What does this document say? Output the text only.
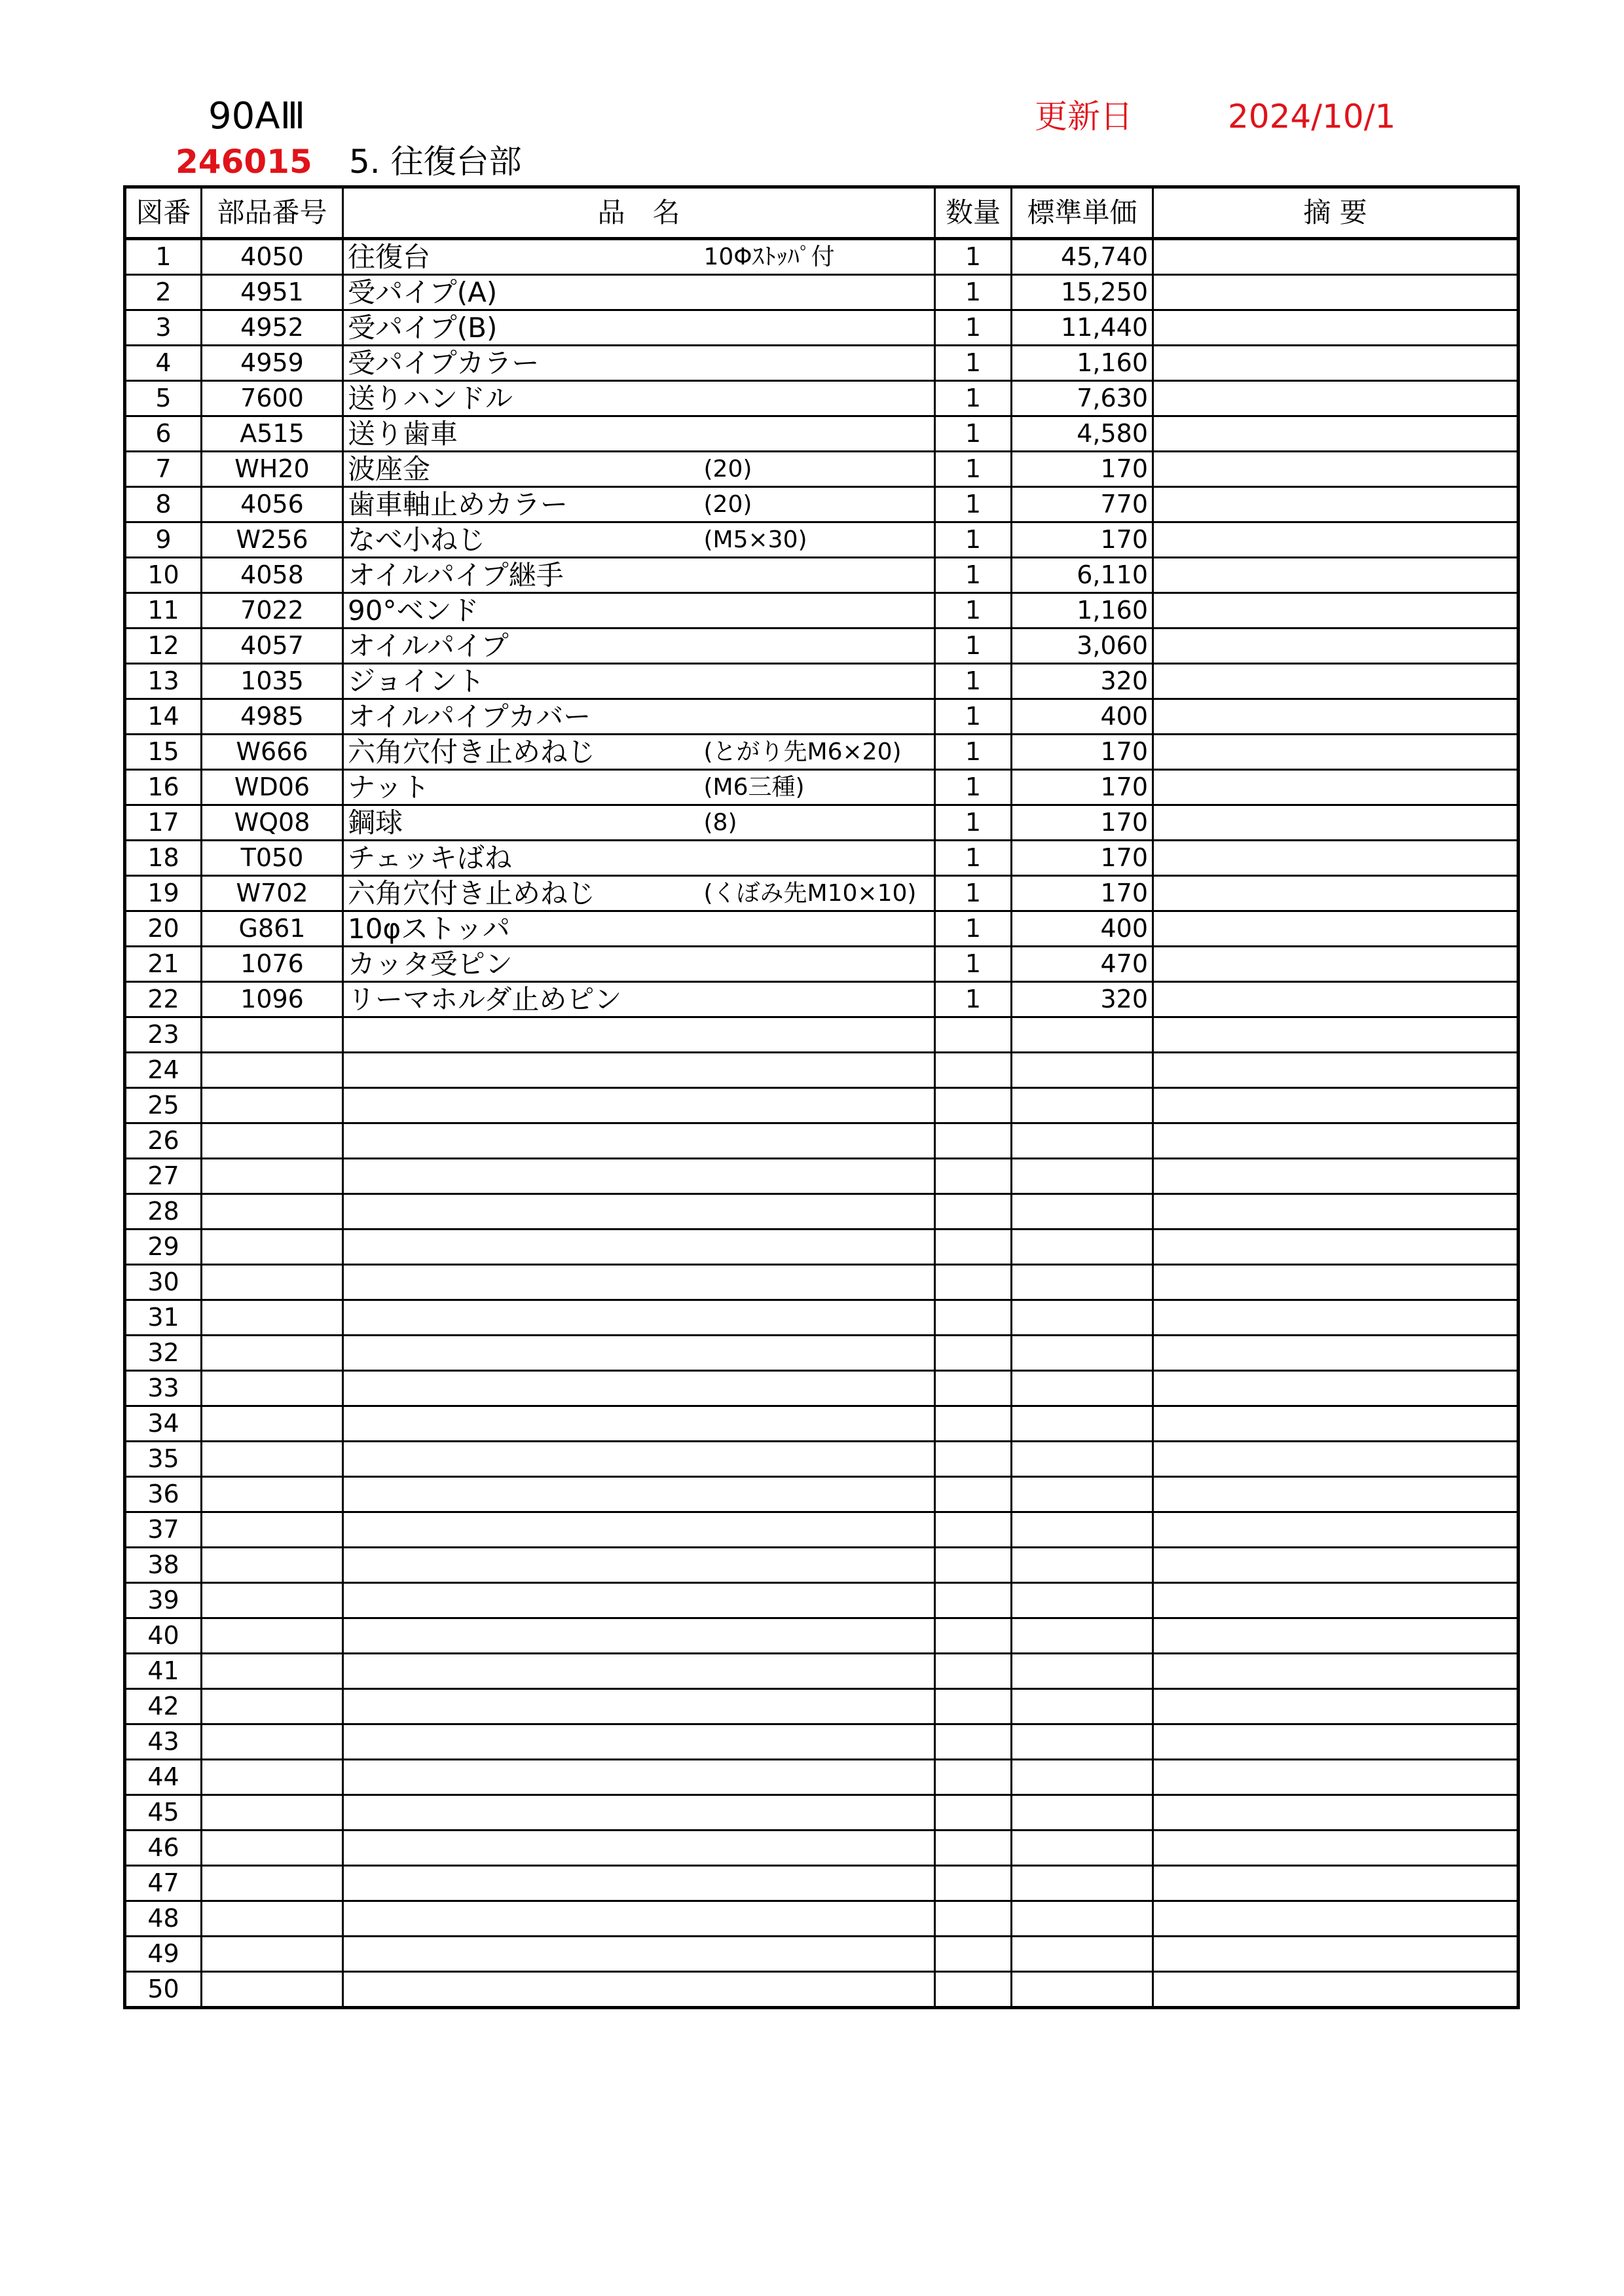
90AⅢ
246015 5. 往復台部
更新日	2024/10/1
図番	部品番号	品　名		数量	標準単価	摘 要
1	4050	往復台	10Φｽﾄｯﾊﾟ付	1	45,740	
2	4951	受パイプ(A)		1	15,250	
3	4952	受パイプ(B)		1	11,440	
4	4959	受パイプカラー		1	1,160	
5	7600	送りハンドル		1	7,630	
6	A515	送り歯車		1	4,580	
7	WH20	波座金	(20)	1	170	
8	4056	歯車軸止めカラー	(20)	1	770	
9	W256	なべ小ねじ	(M5×30)	1	170	
10	4058	オイルパイプ継手		1	6,110	
11	7022	90°ベンド		1	1,160	
12	4057	オイルパイプ		1	3,060	
13	1035	ジョイント		1	320	
14	4985	オイルパイプカバー		1	400	
15	W666	六角穴付き止めねじ	(とがり先M6×20)	1	170	
16	WD06	ナット	(M6三種)	1	170	
17	WQ08	鋼球	(8)	1	170	
18	T050	チェッキばね		1	170	
19	W702	六角穴付き止めねじ	(くぼみ先M10×10)	1	170	
20	G861	10φストッパ		1	400	
21	1076	カッタ受ピン		1	470	
22	1096	リーマホルダ止めピン		1	320	
23						
24						
25						
26						
27						
28						
29						
30						
31						
32						
33						
34						
35						
36						
37						
38						
39						
40						
41						
42						
43						
44						
45						
46						
47						
48						
49						
50						
